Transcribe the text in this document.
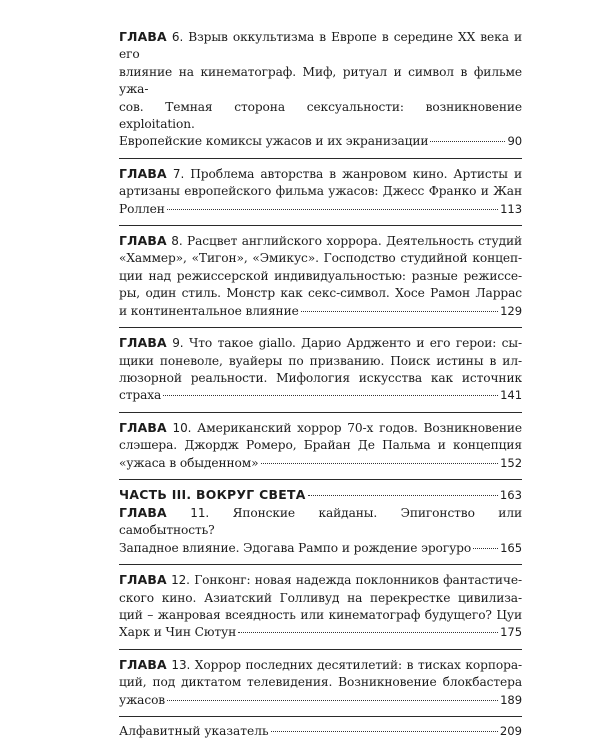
ГЛАВА 6. Взрыв оккультизма в Европе в середине XX века и его
влияние на кинематограф. Миф, ритуал и символ в фильме ужа-
сов. Темная сторона сексуальности: возникновение exploitation.
Европейские комиксы ужасов и их экранизации	90
ГЛАВА 7. Проблема авторства в жанровом кино. Артисты и
артизаны европейского фильма ужасов: Джесс Франко и Жан
Роллен	113
ГЛАВА 8. Расцвет английского хоррора. Деятельность студий
«Хаммер», «Тигон», «Эмикус». Господство студийной концеп-
ции над режиссерской индивидуальностью: разные режиссе-
ры, один стиль. Монстр как секс-символ. Хосе Рамон Ларрас
и континентальное влияние	129
ГЛАВА 9. Что такое giallo. Дарио Ардженто и его герои: сы-
щики поневоле, вуайеры по призванию. Поиск истины в ил-
люзорной реальности. Мифология искусства как источник
страха	141
ГЛАВА 10. Американский хоррор 70-х годов. Возникновение
слэшера. Джордж Ромеро, Брайан Де Пальма и концепция
«ужаса в обыденном»	152
ЧАСТЬ III. ВОКРУГ СВЕТА	163
ГЛАВА 11. Японские кайданы. Эпигонство или самобытность?
Западное влияние. Эдогава Рампо и рождение эрогуро	165
ГЛАВА 12. Гонконг: новая надежда поклонников фантастиче-
ского кино. Азиатский Голливуд на перекрестке цивилиза-
ций – жанровая всеядность или кинематограф будущего? Цуи
Харк и Чин Сютун	175
ГЛАВА 13. Хоррор последних десятилетий: в тисках корпора-
ций, под диктатом телевидения. Возникновение блокбастера
ужасов	189
Алфавитный указатель	209
